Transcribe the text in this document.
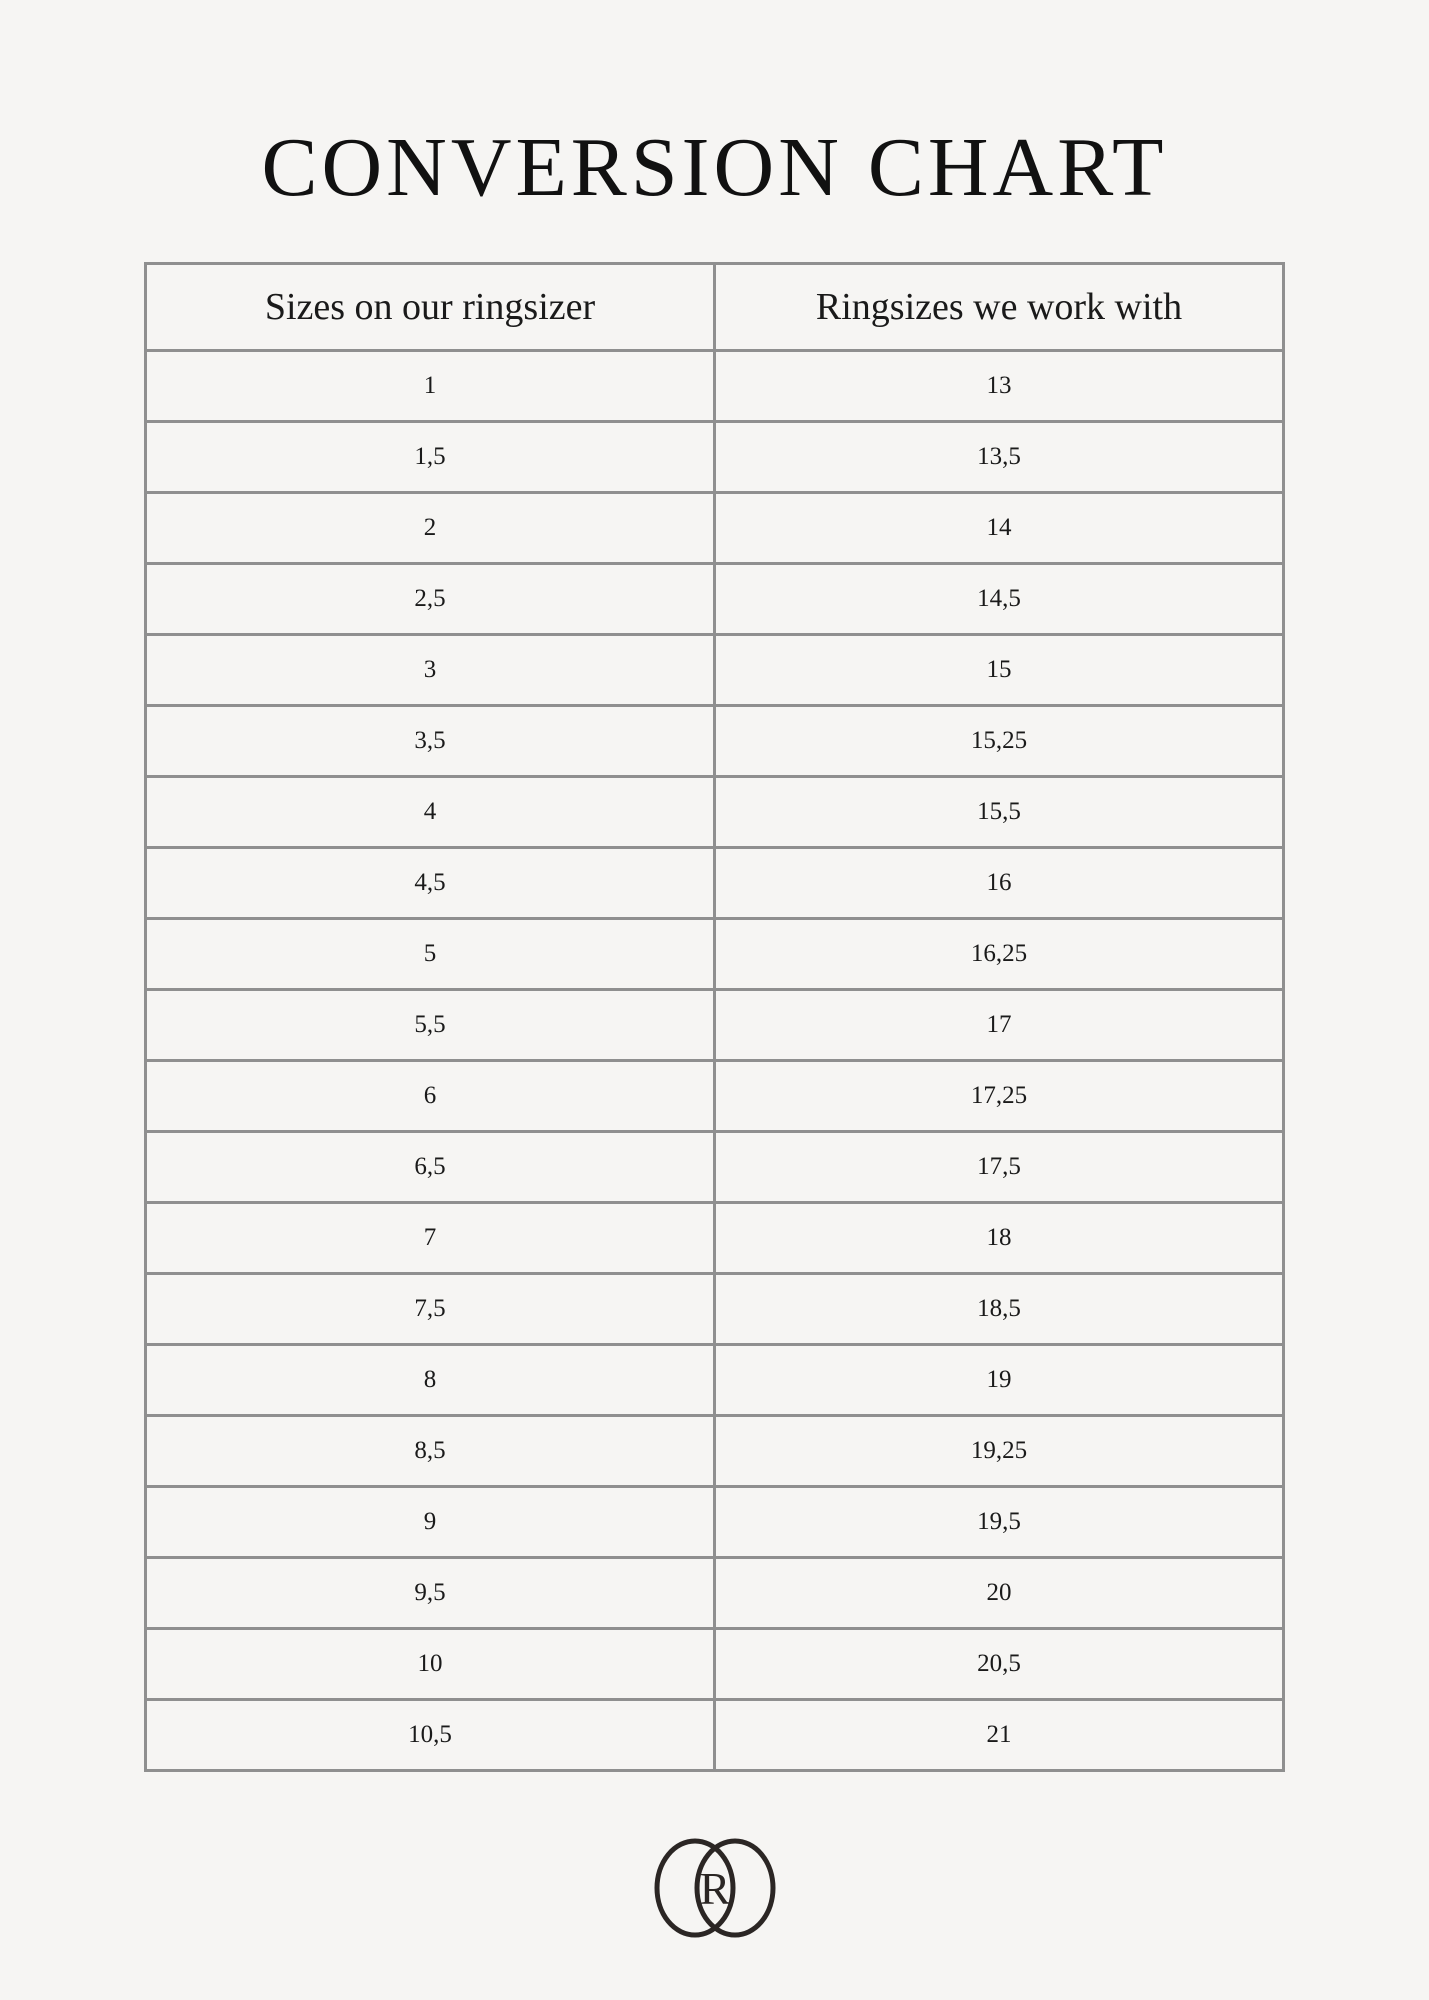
CONVERSION CHART
Sizes on our ringsizer	Ringsizes we work with
1	13
1,5	13,5
2	14
2,5	14,5
3	15
3,5	15,25
4	15,5
4,5	16
5	16,25
5,5	17
6	17,25
6,5	17,5
7	18
7,5	18,5
8	19
8,5	19,25
9	19,5
9,5	20
10	20,5
10,5	21
R
